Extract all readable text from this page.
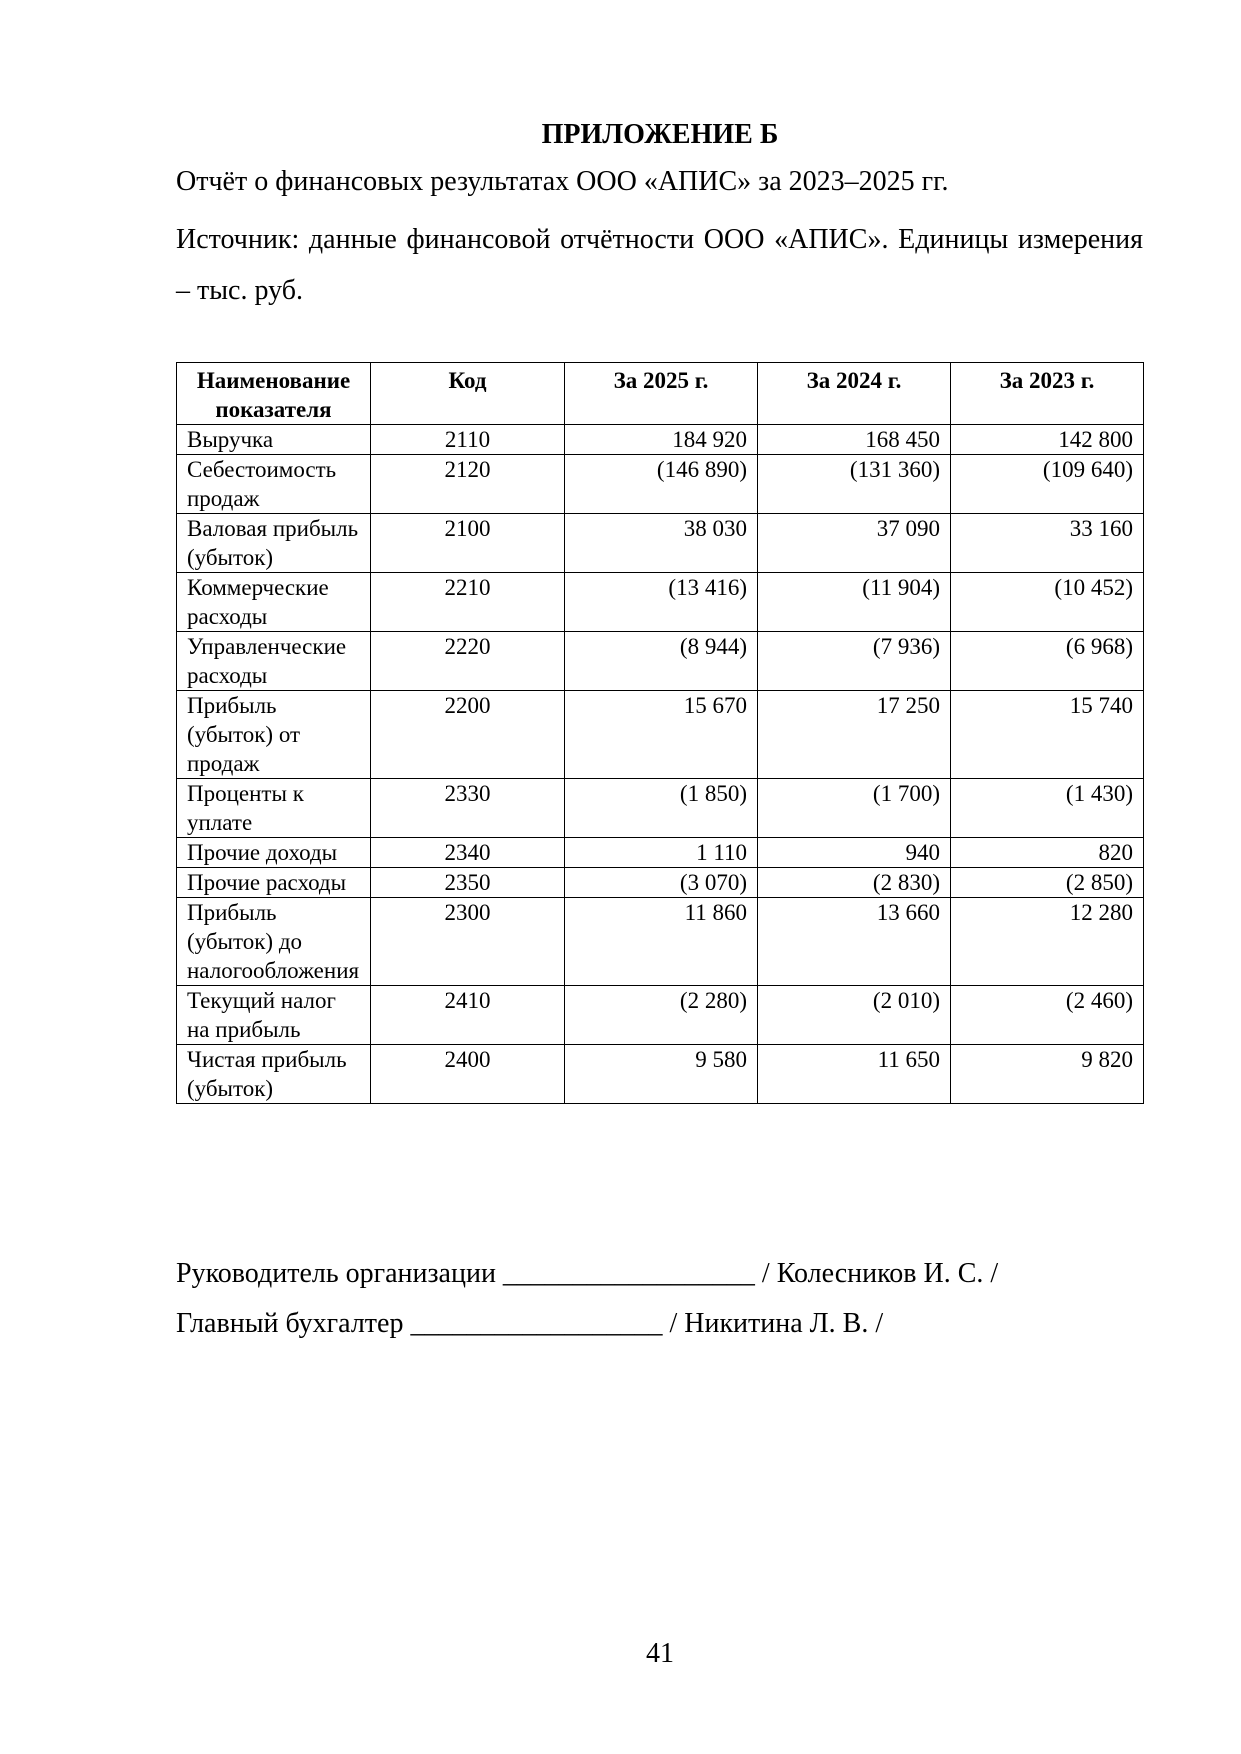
ПРИЛОЖЕНИЕ Б
Отчёт о финансовых результатах ООО «АПИС» за 2023–2025 гг.
Источник: данные финансовой отчётности ООО «АПИС». Единицы измерения – тыс. руб.
Наименование показателя	Код	За 2025 г.	За 2024 г.	За 2023 г.
Выручка	2110	184 920	168 450	142 800
Себестоимость продаж	2120	(146 890)	(131 360)	(109 640)
Валовая прибыль (убыток)	2100	38 030	37 090	33 160
Коммерческие расходы	2210	(13 416)	(11 904)	(10 452)
Управленческие расходы	2220	(8 944)	(7 936)	(6 968)
Прибыль (убыток) от продаж	2200	15 670	17 250	15 740
Проценты к уплате	2330	(1 850)	(1 700)	(1 430)
Прочие доходы	2340	1 110	940	820
Прочие расходы	2350	(3 070)	(2 830)	(2 850)
Прибыль (убыток) до налогообложения	2300	11 860	13 660	12 280
Текущий налог на прибыль	2410	(2 280)	(2 010)	(2 460)
Чистая прибыль (убыток)	2400	9 580	11 650	9 820
Руководитель организации __________________ / Колесников И. С. /
Главный бухгалтер __________________ / Никитина Л. В. /
41
